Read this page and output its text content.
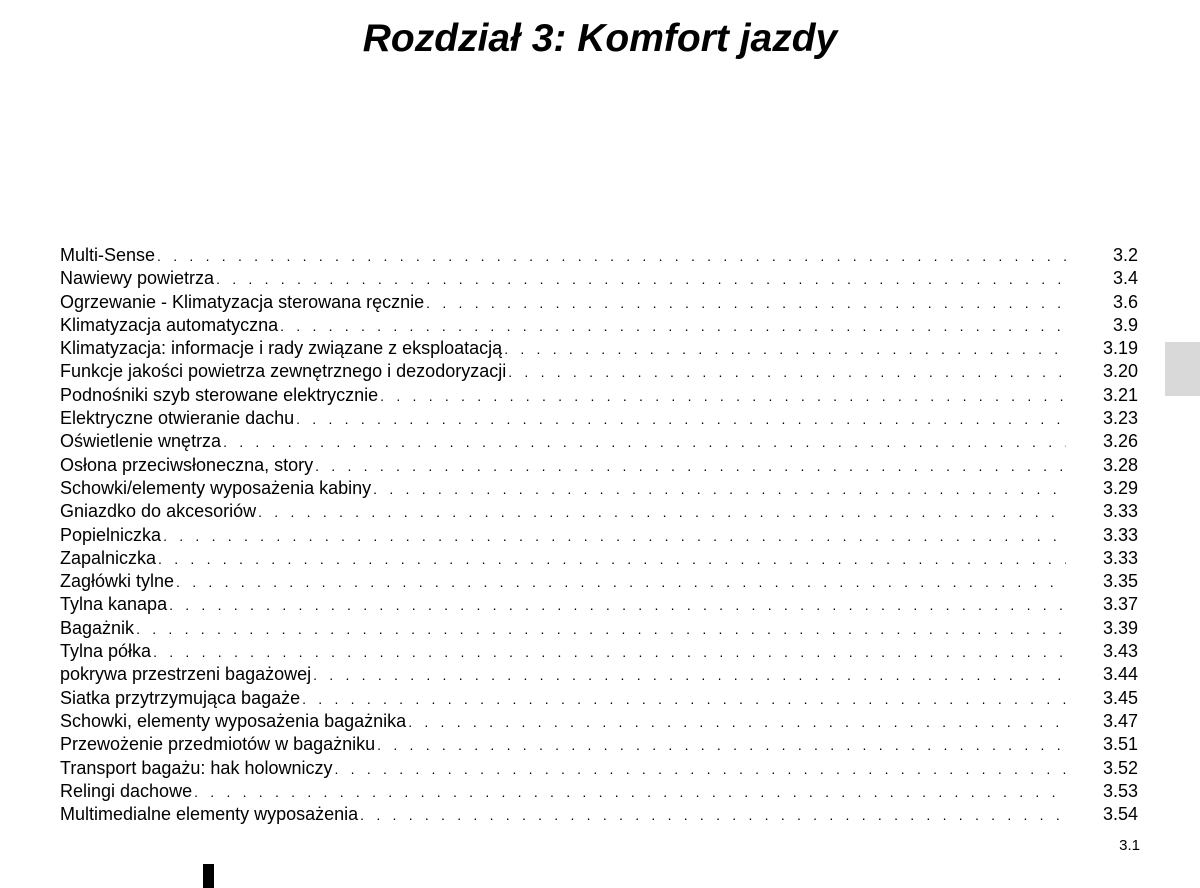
Rozdział 3: Komfort jazdy
Multi-Sense . . .	3.2
Nawiewy powietrza . . .	3.4
Ogrzewanie - Klimatyzacja sterowana ręcznie . . .	3.6
Klimatyzacja automatyczna . . .	3.9
Klimatyzacja: informacje i rady związane z eksploatacją . . .	3.19
Funkcje jakości powietrza zewnętrznego i dezodoryzacji . . .	3.20
Podnośniki szyb sterowane elektrycznie . . .	3.21
Elektryczne otwieranie dachu . . .	3.23
Oświetlenie wnętrza . . .	3.26
Osłona przeciwsłoneczna, story . . .	3.28
Schowki/elementy wyposażenia kabiny . . .	3.29
Gniazdko do akcesoriów . . .	3.33
Popielniczka . . .	3.33
Zapalniczka . . .	3.33
Zagłówki tylne . . .	3.35
Tylna kanapa . . .	3.37
Bagażnik . . .	3.39
Tylna półka . . .	3.43
pokrywa przestrzeni bagażowej . . .	3.44
Siatka przytrzymująca bagaże . . .	3.45
Schowki, elementy wyposażenia bagażnika . . .	3.47
Przewożenie przedmiotów w bagażniku . . .	3.51
Transport bagażu: hak holowniczy . . .	3.52
Relingi dachowe . . .	3.53
Multimedialne elementy wyposażenia . . .	3.54
3.1
